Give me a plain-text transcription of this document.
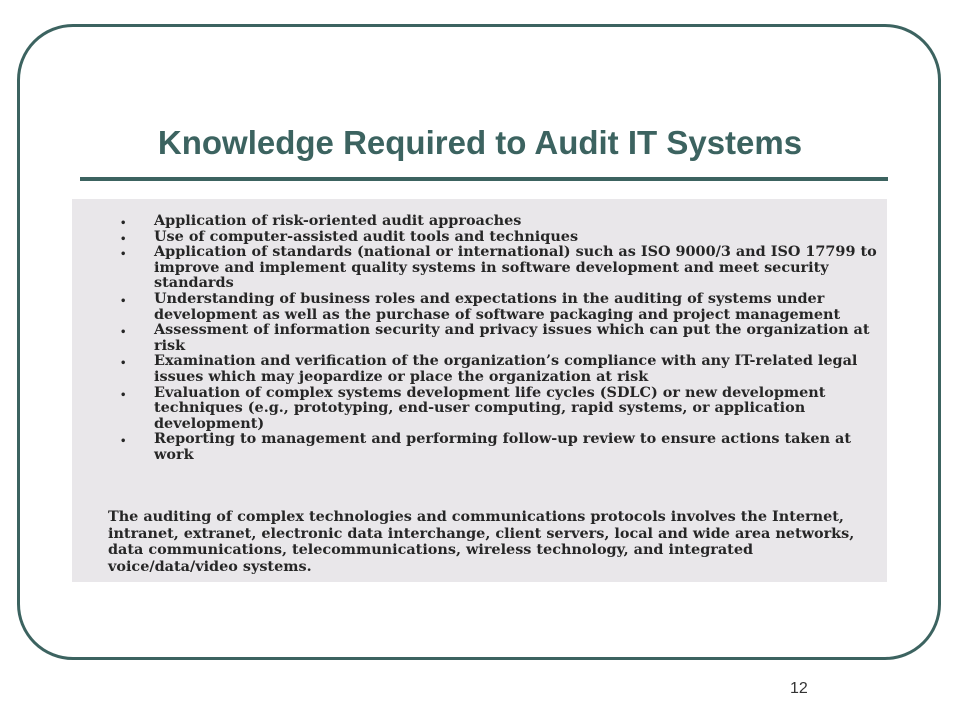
Knowledge Required to Audit IT Systems
• Application of risk-oriented audit approaches
• Use of computer-assisted audit tools and techniques
• Application of standards (national or international) such as ISO 9000/3 and ISO 17799 to improve and implement quality systems in software development and meet security standards
• Understanding of business roles and expectations in the auditing of systems under development as well as the purchase of software packaging and project management
• Assessment of information security and privacy issues which can put the organization at risk
• Examination and verification of the organization’s compliance with any IT-related legal issues which may jeopardize or place the organization at risk
• Evaluation of complex systems development life cycles (SDLC) or new development techniques (e.g., prototyping, end-user computing, rapid systems, or application development)
• Reporting to management and performing follow-up review to ensure actions taken at work

The auditing of complex technologies and communications protocols involves the Internet, intranet, extranet, electronic data interchange, client servers, local and wide area networks, data communications, telecommunications, wireless technology, and integrated voice/data/video systems.

12
